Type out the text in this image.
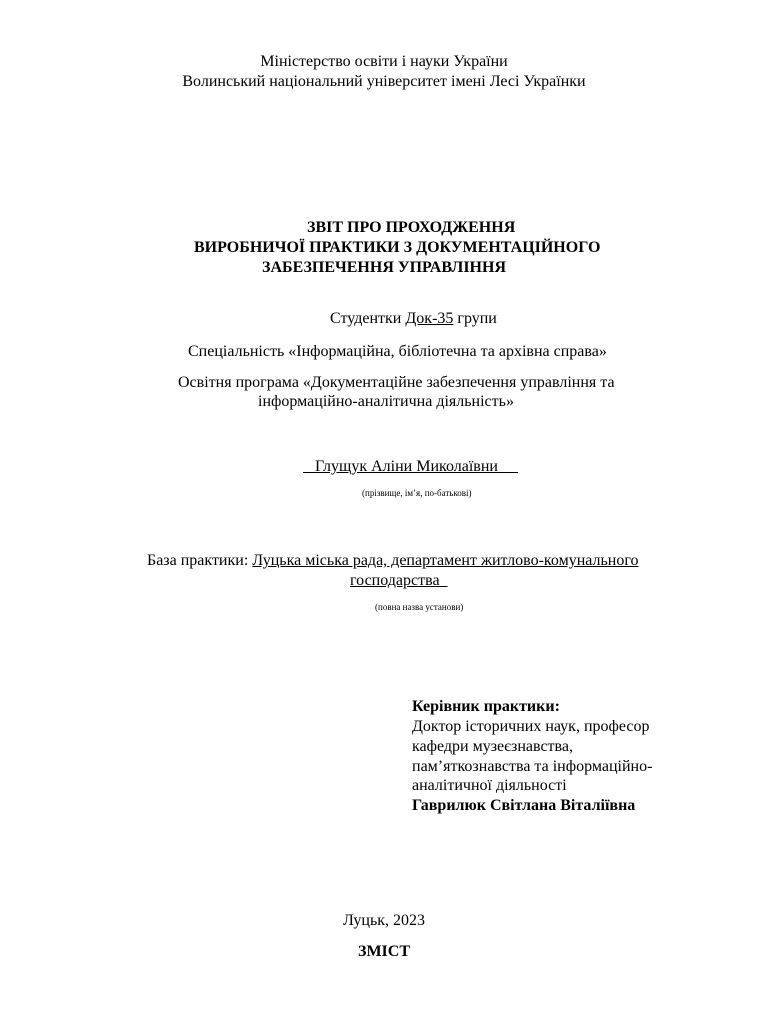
Міністерство освіти і науки України
Волинський національний університет імені Лесі Українки
ЗВІТ ПРО ПРОХОДЖЕННЯ
ВИРОБНИЧОЇ ПРАКТИКИ З ДОКУМЕНТАЦІЙНОГО
ЗАБЕЗПЕЧЕННЯ УПРАВЛІННЯ
Студентки Док-35 групи
Спеціальність «Інформаційна, бібліотечна та архівна справа»
Освітня програма «Документаційне забезпечення управління та
інформаційно-аналітична діяльність»
Глущук Аліни Миколаївни   _
(прізвище, ім’я, по-батькові)
База практики: Луцька міська рада, департамент житлово-комунального
господарства
(повна назва установи)
Керівник практики:
Доктор історичних наук, професор
кафедри музеєзнавства,
пам’яткознавства та інформаційно-
аналітичної діяльності
Гаврилюк Світлана Віталіївна
Луцьк, 2023
ЗМІСТ
